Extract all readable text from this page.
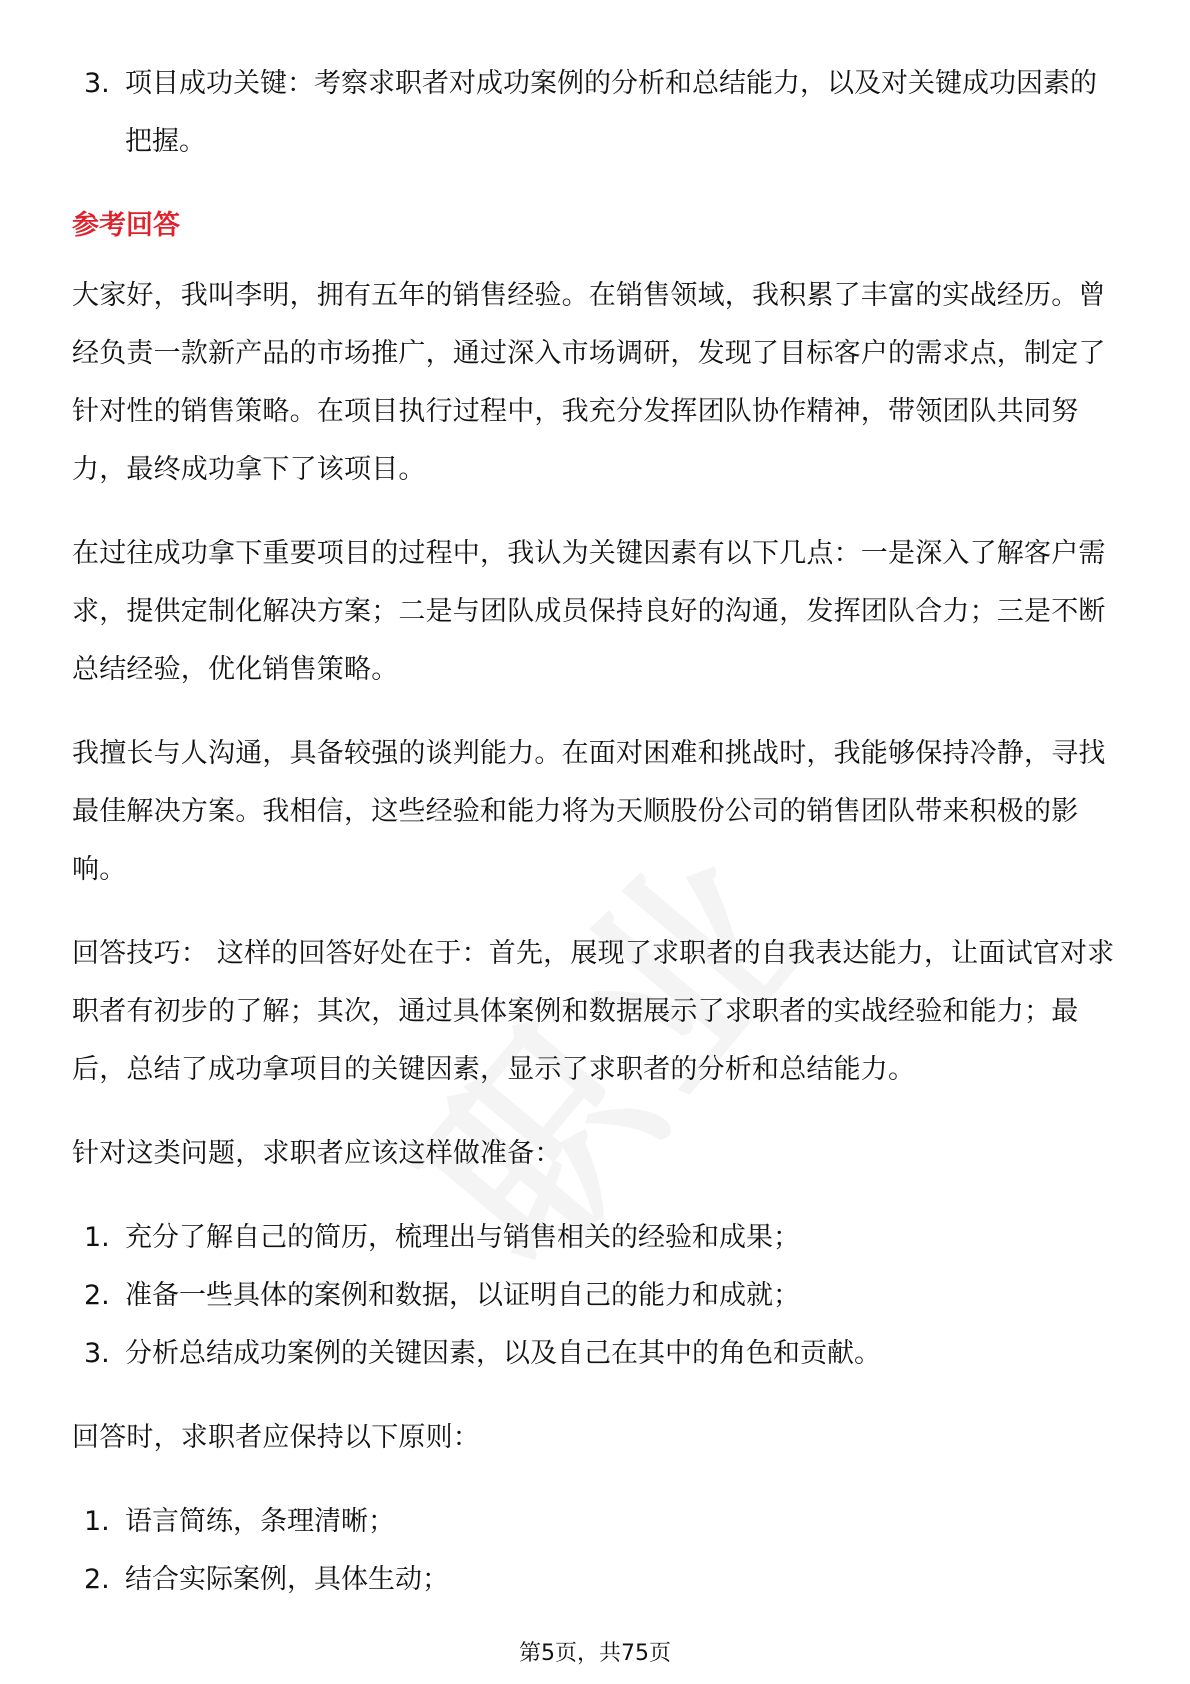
3. 项目成功关键：考察求职者对成功案例的分析和总结能力，以及对关键成功因素的把握。
参考回答

大家好，我叫李明，拥有五年的销售经验。在销售领域，我积累了丰富的实战经历。曾经负责一款新产品的市场推广，通过深入市场调研，发现了目标客户的需求点，制定了针对性的销售策略。在项目执行过程中，我充分发挥团队协作精神，带领团队共同努力，最终成功拿下了该项目。

在过往成功拿下重要项目的过程中，我认为关键因素有以下几点：一是深入了解客户需求，提供定制化解决方案；二是与团队成员保持良好的沟通，发挥团队合力；三是不断总结经验，优化销售策略。

我擅长与人沟通，具备较强的谈判能力。在面对困难和挑战时，我能够保持冷静，寻找最佳解决方案。我相信，这些经验和能力将为天顺股份公司的销售团队带来积极的影响。

回答技巧： 这样的回答好处在于：首先，展现了求职者的自我表达能力，让面试官对求职者有初步的了解；其次，通过具体案例和数据展示了求职者的实战经验和能力；最后，总结了成功拿项目的关键因素，显示了求职者的分析和总结能力。

针对这类问题，求职者应该这样做准备：

1. 充分了解自己的简历，梳理出与销售相关的经验和成果；
2. 准备一些具体的案例和数据，以证明自己的能力和成就；
3. 分析总结成功案例的关键因素，以及自己在其中的角色和贡献。

回答时，求职者应保持以下原则：

1. 语言简练，条理清晰；
2. 结合实际案例，具体生动；
第5页，共75页
